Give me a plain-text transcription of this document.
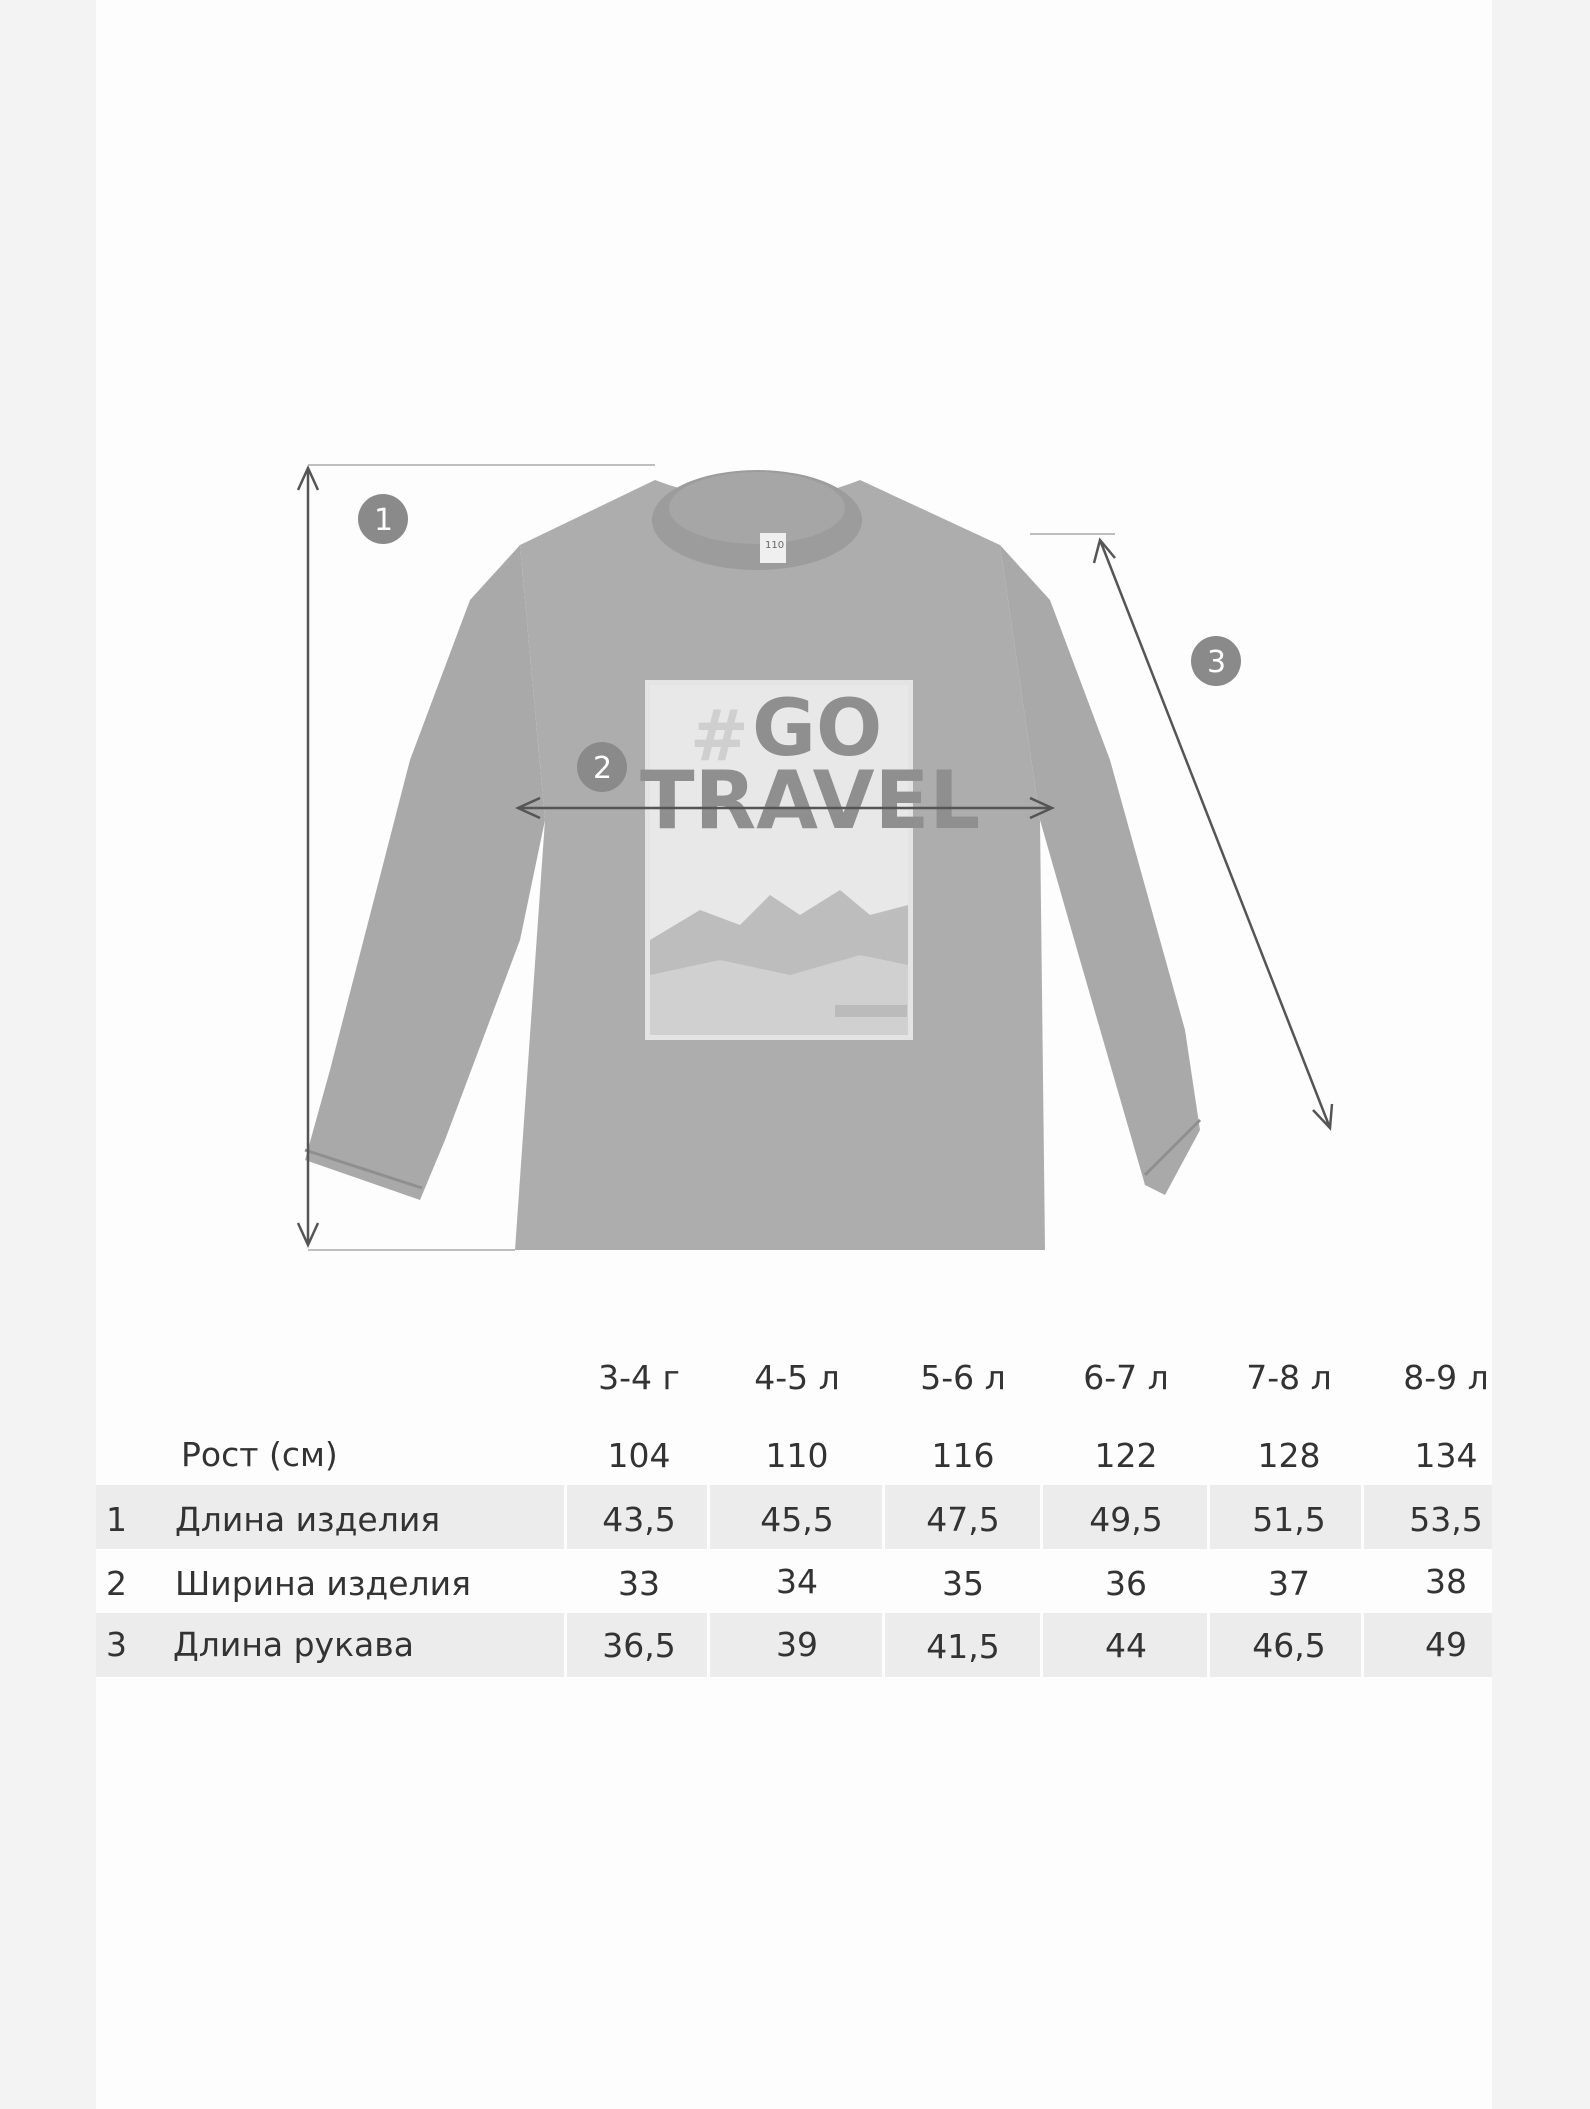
110
# GO
TRAVEL
1
2
3
3-4 г	4-5 л	5-6 л	6-7 л	7-8 л	8-9 л
Рост (см)	104	110	116	122	128	134
1 Длина изделия	43,5	45,5	47,5	49,5	51,5	53,5
2 Ширина изделия	33	34	35	36	37	38
3 Длина рукава	36,5	39	41,5	44	46,5	49
